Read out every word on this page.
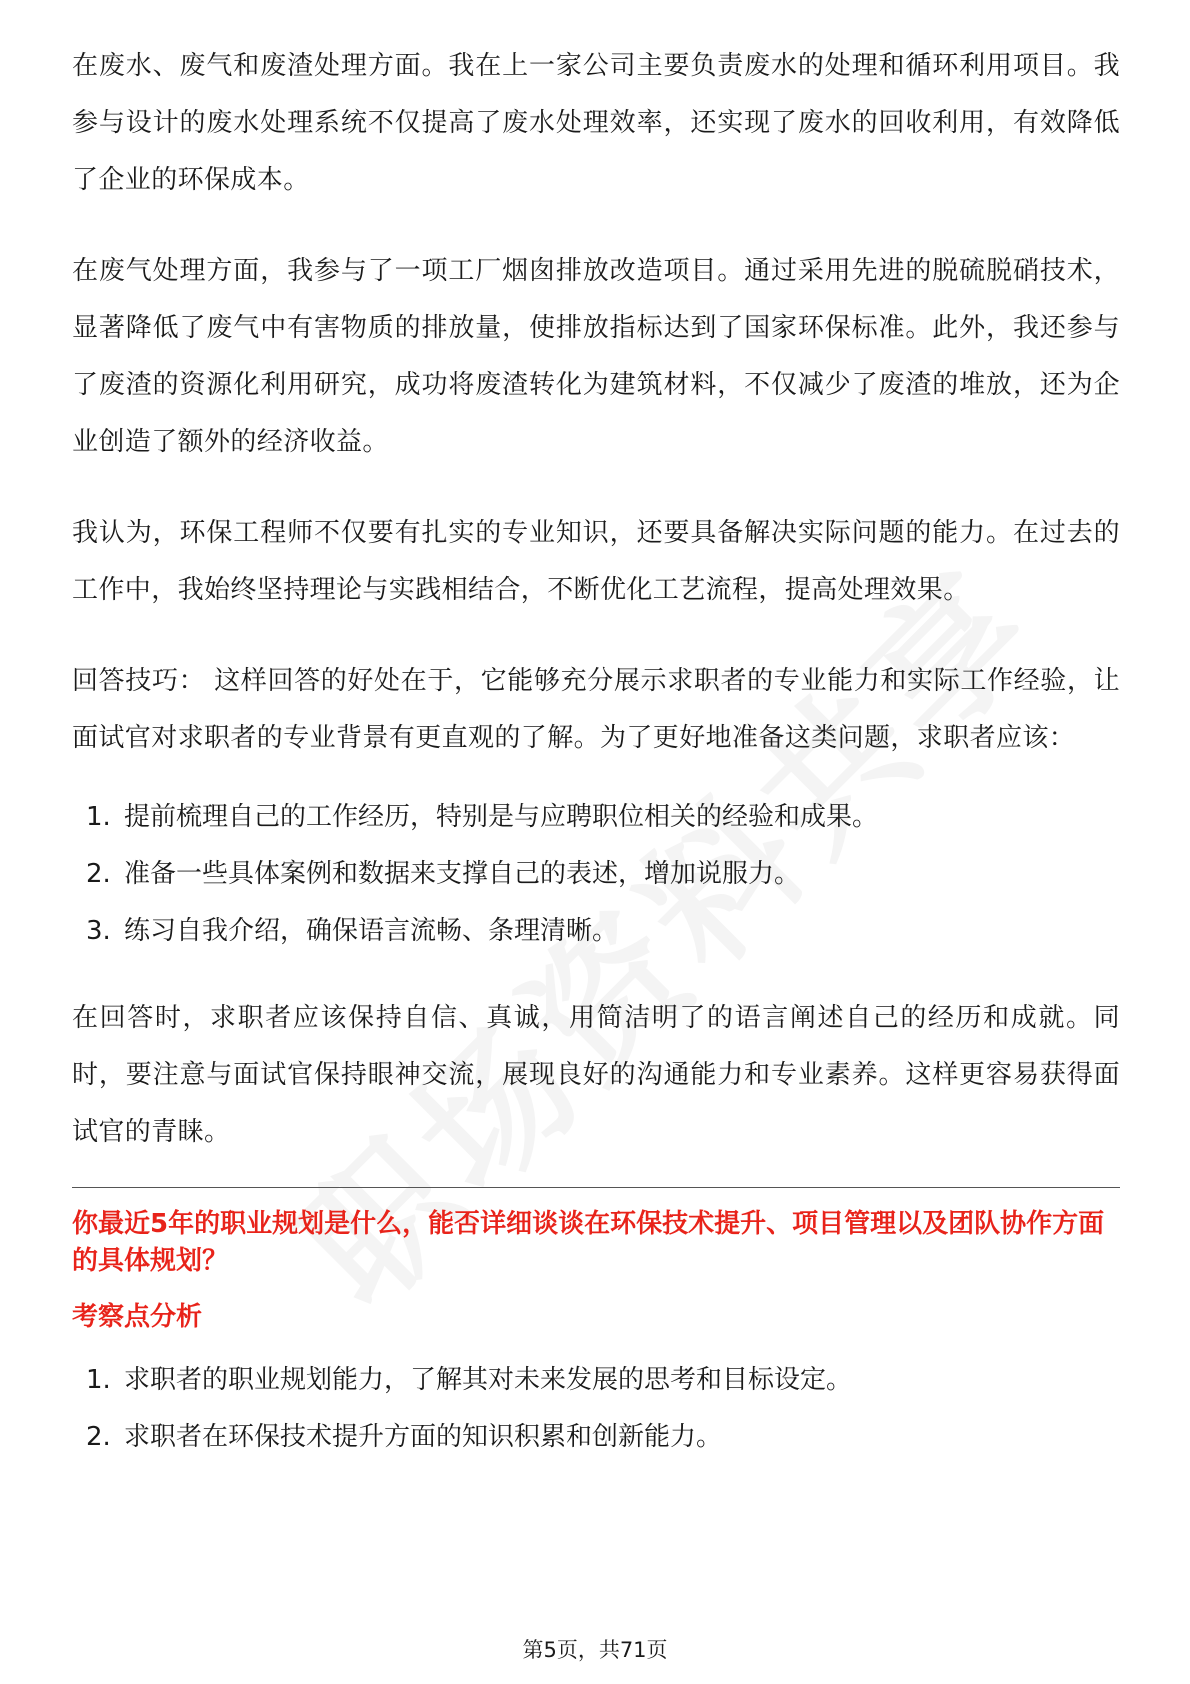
在废水、废气和废渣处理方面。我在上一家公司主要负责废水的处理和循环利用项目。我参与设计的废水处理系统不仅提高了废水处理效率，还实现了废水的回收利用，有效降低了企业的环保成本。

在废气处理方面，我参与了一项工厂烟囱排放改造项目。通过采用先进的脱硫脱硝技术，显著降低了废气中有害物质的排放量，使排放指标达到了国家环保标准。此外，我还参与了废渣的资源化利用研究，成功将废渣转化为建筑材料，不仅减少了废渣的堆放，还为企业创造了额外的经济收益。

我认为，环保工程师不仅要有扎实的专业知识，还要具备解决实际问题的能力。在过去的工作中，我始终坚持理论与实践相结合，不断优化工艺流程，提高处理效果。

回答技巧： 这样回答的好处在于，它能够充分展示求职者的专业能力和实际工作经验，让面试官对求职者的专业背景有更直观的了解。为了更好地准备这类问题，求职者应该：

1. 提前梳理自己的工作经历，特别是与应聘职位相关的经验和成果。
2. 准备一些具体案例和数据来支撑自己的表述，增加说服力。
3. 练习自我介绍，确保语言流畅、条理清晰。

在回答时，求职者应该保持自信、真诚，用简洁明了的语言阐述自己的经历和成就。同时，要注意与面试官保持眼神交流，展现良好的沟通能力和专业素养。这样更容易获得面试官的青睐。

你最近5年的职业规划是什么，能否详细谈谈在环保技术提升、项目管理以及团队协作方面的具体规划？
考察点分析
1. 求职者的职业规划能力，了解其对未来发展的思考和目标设定。
2. 求职者在环保技术提升方面的知识积累和创新能力。
第5页，共71页
